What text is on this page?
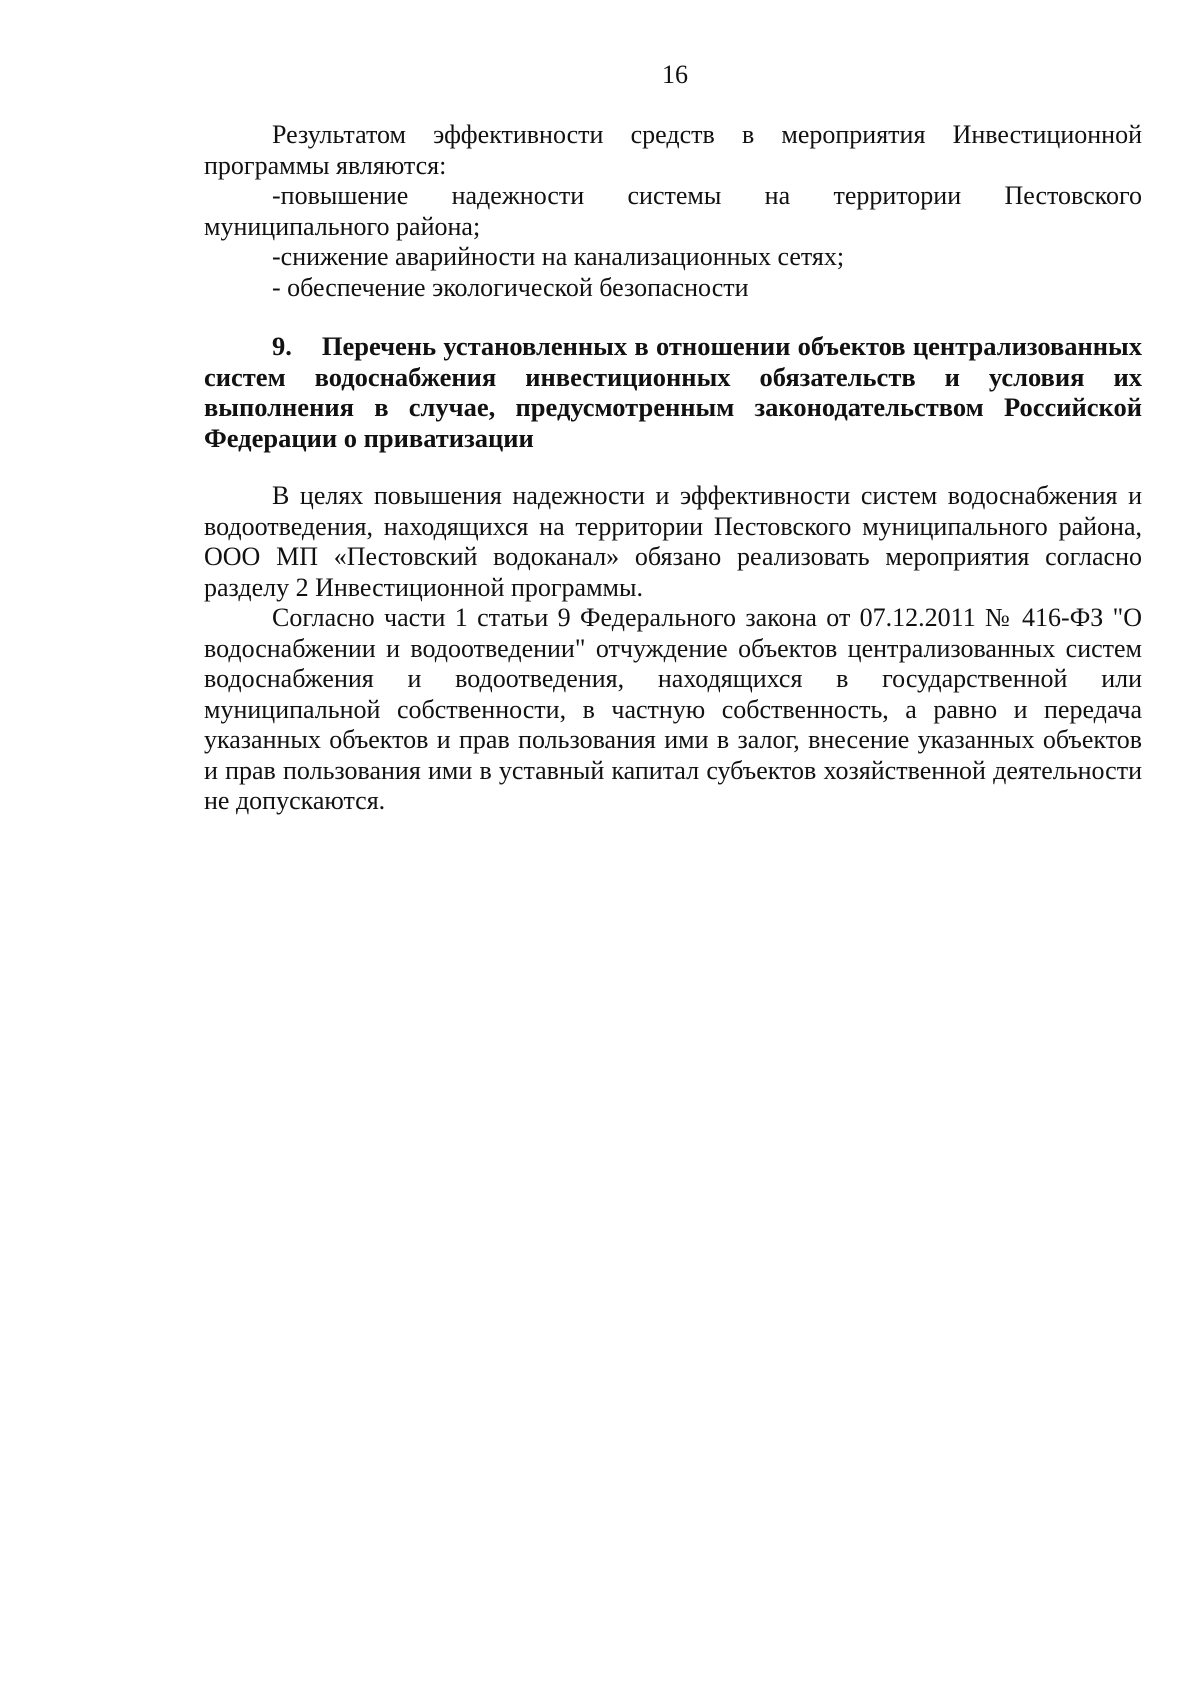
16

Результатом эффективности средств в мероприятия Инвестиционной программы являются:

-повышение надежности системы на территории Пестовского муниципального района;

-снижение аварийности на канализационных сетях;

- обеспечение экологической безопасности

9. Перечень установленных в отношении объектов централизованных систем водоснабжения инвестиционных обязательств и условия их выполнения в случае, предусмотренным законодательством Российской Федерации о приватизации

В целях повышения надежности и эффективности систем водоснабжения и водоотведения, находящихся на территории Пестовского муниципального района, ООО МП «Пестовский водоканал» обязано реализовать мероприятия согласно разделу 2 Инвестиционной программы.

Согласно части 1 статьи 9 Федерального закона от 07.12.2011 № 416-ФЗ "О водоснабжении и водоотведении" отчуждение объектов централизованных систем водоснабжения и водоотведения, находящихся в государственной или муниципальной собственности, в частную собственность, а равно и передача указанных объектов и прав пользования ими в залог, внесение указанных объектов и прав пользования ими в уставный капитал субъектов хозяйственной деятельности не допускаются.
